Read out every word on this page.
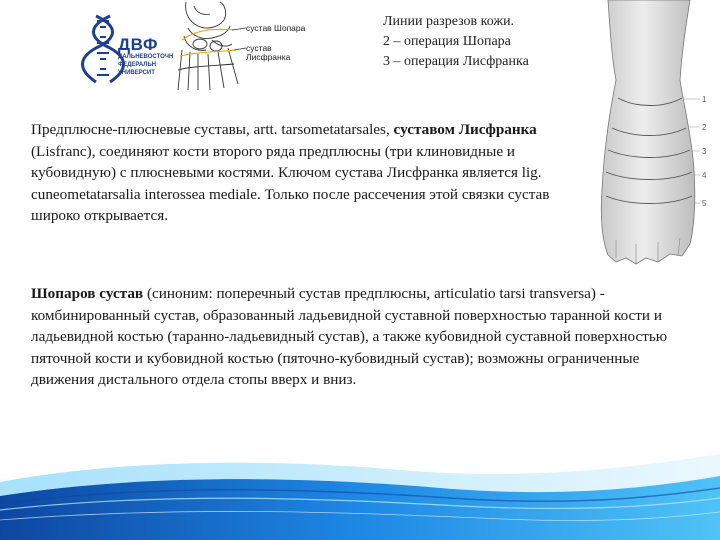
ДВФ
ДАЛЬНЕВОСТОЧН
ФЕДЕРАЛЬН
УНИВЕРСИТ
сустав Шопара
сустав
Лисфранка
Линии разрезов кожи.
2 – операция Шопара
3 – операция Лисфранка
1
2
3
4
5
Предплюсне-плюсневые суставы, artt. tarsometatarsales, суставом Лисфранка (Lisfranc), соединяют кости второго ряда предплюсны (три клиновидные и кубовидную) с плюсневыми костями. Ключом сустава Лисфранка является lig. cuneometatarsalia interossea mediale. Только после рассечения этой связки сустав широко открывается.
Шопаров сустав (синоним: поперечный сустав предплюсны, articulatio tarsi transversa) - комбинированный сустав, образованный ладьевидной суставной поверхностью таранной кости и ладьевидной костью (таранно-ладьевидный сустав), а также кубовидной суставной поверхностью пяточной кости и кубовидной костью (пяточно-кубовидный сустав); возможны ограниченные движения дистального отдела стопы вверх и вниз.
